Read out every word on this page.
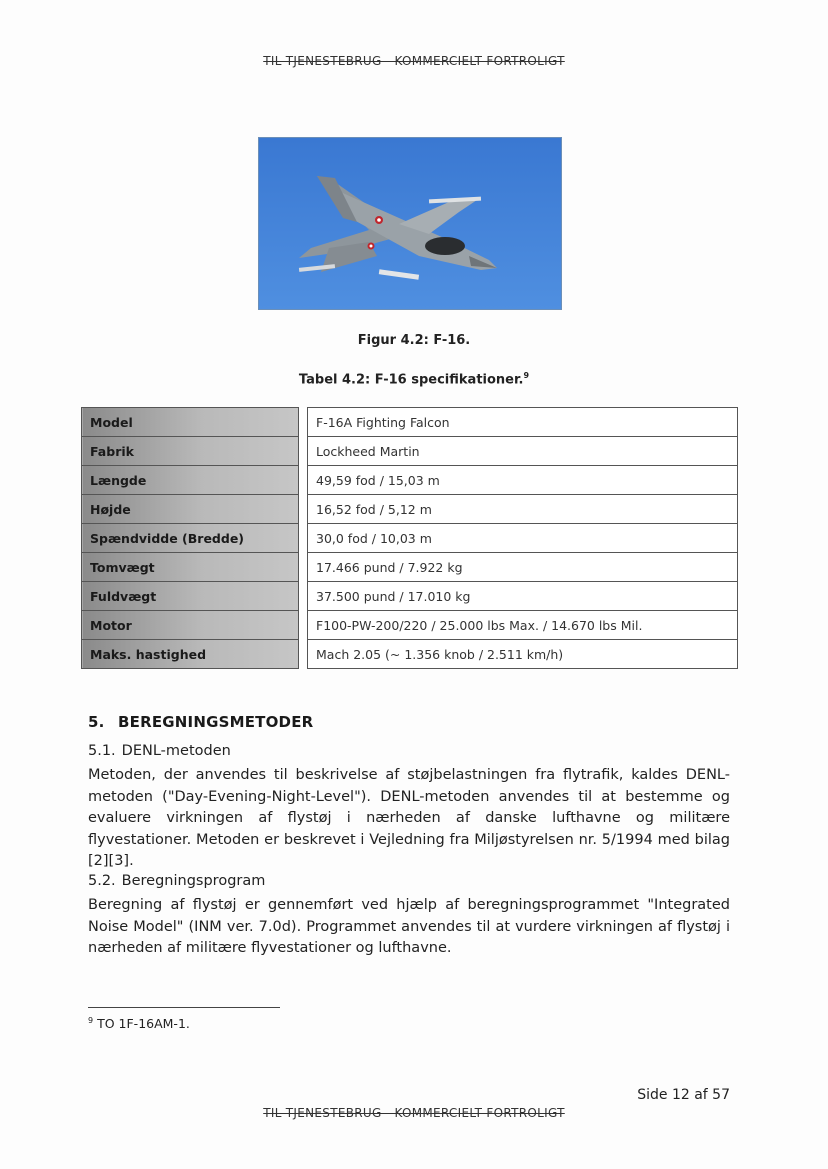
TIL TJENESTEBRUG - KOMMERCIELT FORTROLIGT
Figur 4.2: F-16.
Tabel 4.2: F-16 specifikationer.$^9$
Model		F-16A Fighting Falcon
Fabrik		Lockheed Martin
Længde		49,59 fod / 15,03 m
Højde		16,52 fod / 5,12 m
Spændvidde (Bredde)		30,0 fod / 10,03 m
Tomvægt		17.466 pund / 7.922 kg
Fuldvægt		37.500 pund / 17.010 kg
Motor		F100-PW-200/220 / 25.000 lbs Max. / 14.670 lbs Mil.
Maks. hastighed		Mach 2.05 (~ 1.356 knob / 2.511 km/h)
5. BEREGNINGSMETODER
5.1. DENL-metoden
Metoden, der anvendes til beskrivelse af støjbelastningen fra flytrafik, kaldes DENL-metoden ("Day-Evening-Night-Level"). DENL-metoden anvendes til at bestemme og evaluere virkningen af flystøj i nærheden af danske lufthavne og militære flyvestationer. Metoden er beskrevet i Vejledning fra Miljøstyrelsen nr. 5/1994 med bilag [2][3].
5.2. Beregningsprogram
Beregning af flystøj er gennemført ved hjælp af beregningsprogrammet "Integrated Noise Model" (INM ver. 7.0d). Programmet anvendes til at vurdere virkningen af flystøj i nærheden af militære flyvestationer og lufthavne.
$^9$ TO 1F-16AM-1.
Side 12 af 57
TIL TJENESTEBRUG - KOMMERCIELT FORTROLIGT
